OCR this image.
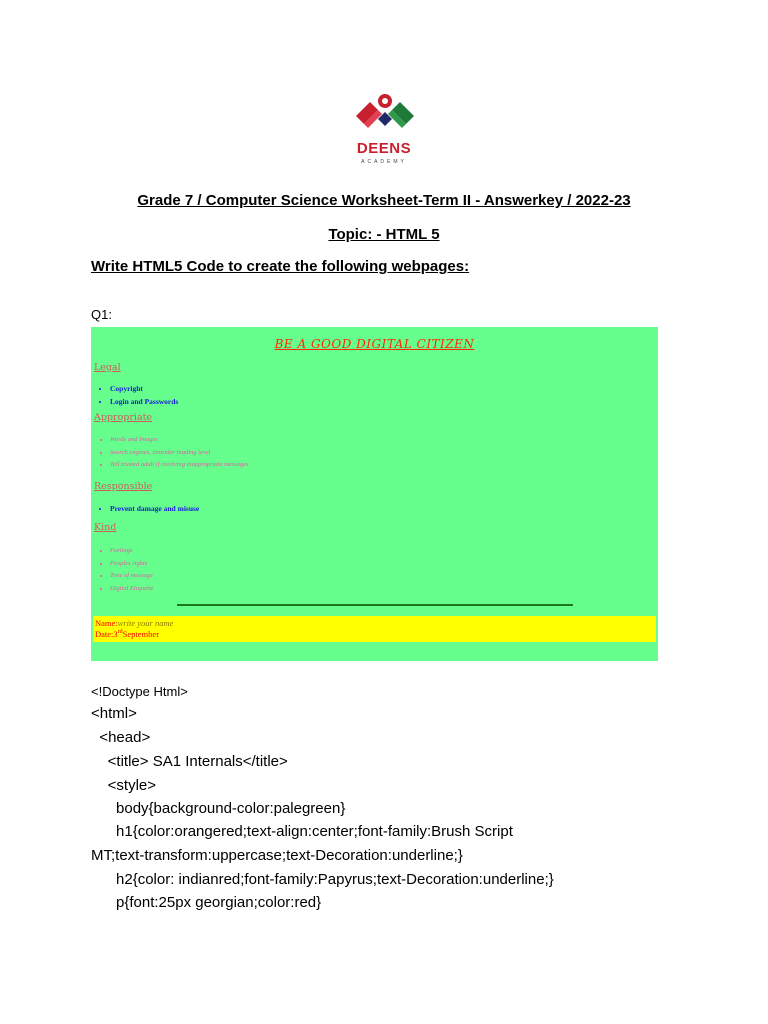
DEENS
ACADEMY
Grade 7 / Computer Science Worksheet-Term II - Answerkey / 2022-23
Topic: - HTML 5
Write HTML5 Code to create the following webpages:
Q1:
BE A GOOD DIGITAL CITIZEN
Legal
• Copyright
• Login and Passwords
Appropriate
• Words and Images
• Search engines, consider reading level
• Tell trusted adult if receiving inappropriate messages
Responsible
• Prevent damage and misuse
Kind
• Feelings
• Peoples rights
• Tone of message
• Digital Etiquette
Name:write your name
Date:3rdSeptember
<!Doctype Html>
<html>
<head>
<title> SA1 Internals</title>
<style>
body{background-color:palegreen}
h1{color:orangered;text-align:center;font-family:Brush Script
MT;text-transform:uppercase;text-Decoration:underline;}
h2{color: indianred;font-family:Papyrus;text-Decoration:underline;}
p{font:25px georgian;color:red}
